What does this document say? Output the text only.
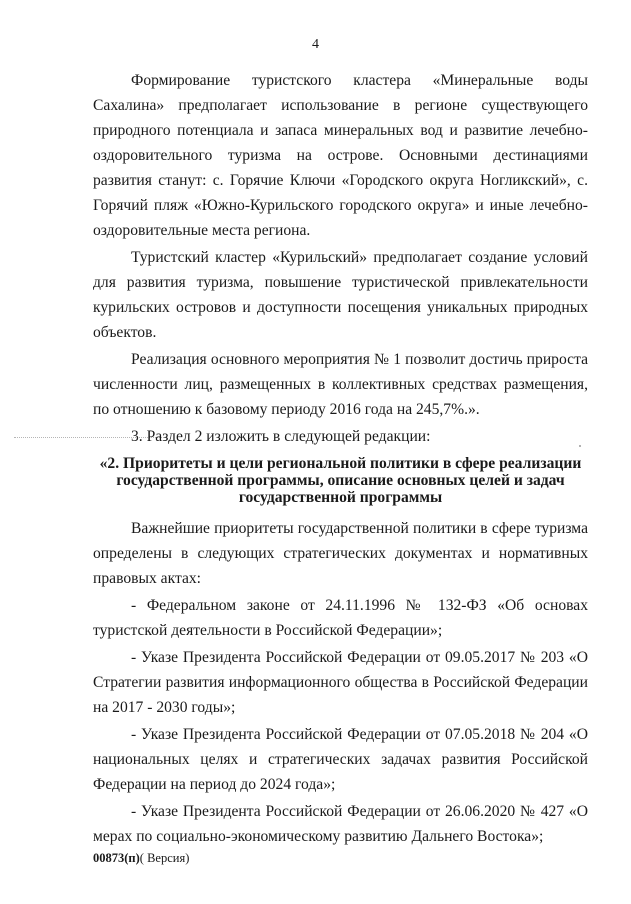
4

Формирование туристского кластера «Минеральные воды Сахалина» предполагает использование в регионе существующего природного потенциала и запаса минеральных вод и развитие лечебно-оздоровительного туризма на острове. Основными дестинациями развития станут: с. Горячие Ключи «Городского округа Ногликский», с. Горячий пляж «Южно-Курильского городского округа» и иные лечебно-оздоровительные места региона.

Туристский кластер «Курильский» предполагает создание условий для развития туризма, повышение туристической привлекательности курильских островов и доступности посещения уникальных природных объектов.

Реализация основного мероприятия № 1 позволит достичь прироста численности лиц, размещенных в коллективных средствах размещения, по отношению к базовому периоду 2016 года на 245,7%.».

3. Раздел 2 изложить в следующей редакции:

«2. Приоритеты и цели региональной политики в сфере реализации государственной программы, описание основных целей и задач государственной программы

Важнейшие приоритеты государственной политики в сфере туризма определены в следующих стратегических документах и нормативных правовых актах:

- Федеральном законе от 24.11.1996 № 132-ФЗ «Об основах туристской деятельности в Российской Федерации»;

- Указе Президента Российской Федерации от 09.05.2017 № 203 «О Стратегии развития информационного общества в Российской Федерации на 2017 - 2030 годы»;

- Указе Президента Российской Федерации от 07.05.2018 № 204 «О национальных целях и стратегических задачах развития Российской Федерации на период до 2024 года»;

- Указе Президента Российской Федерации от 26.06.2020 № 427 «О мерах по социально-экономическому развитию Дальнего Востока»;

00873(п)( Версия)
